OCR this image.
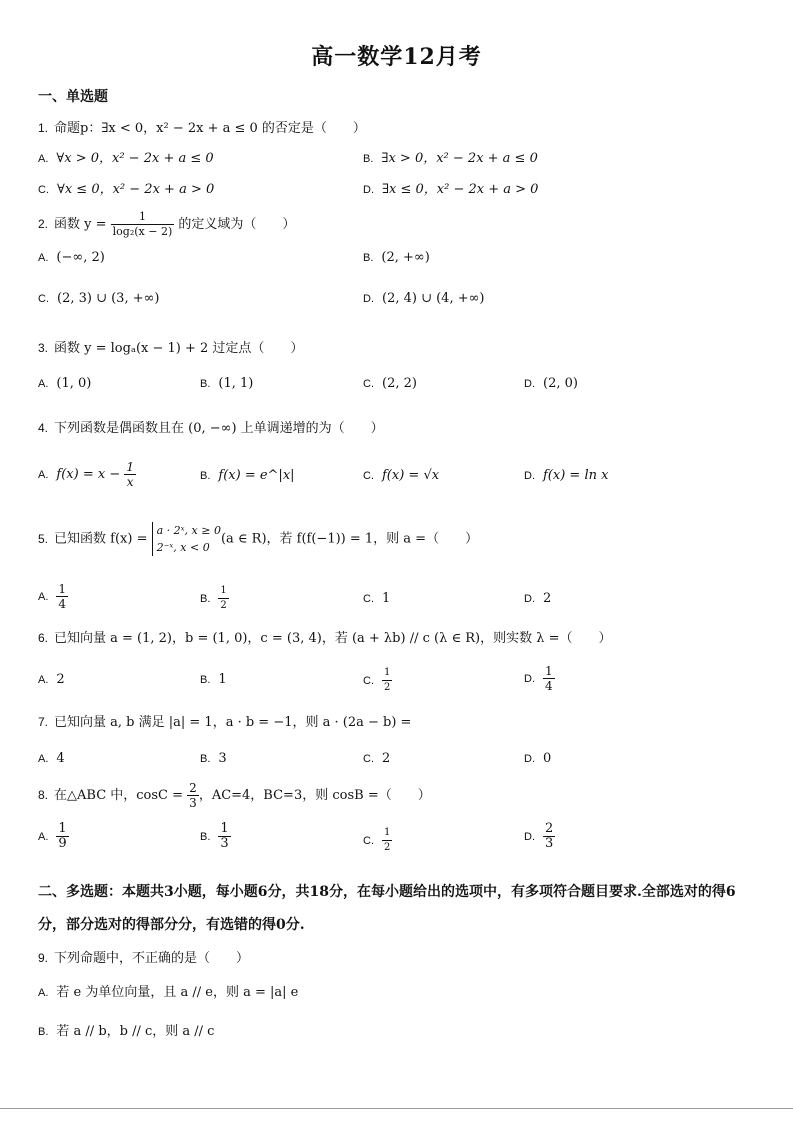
高一数学12月考
一、单选题
1. 命题p：∃x < 0，x² − 2x + a ≤ 0 的否定是（　　）
A. ∀x > 0，x² − 2x + a ≤ 0	B. ∃x > 0，x² − 2x + a ≤ 0
C. ∀x ≤ 0，x² − 2x + a > 0	D. ∃x ≤ 0，x² − 2x + a > 0
2. 函数 $y = \frac{1}{\text{log₂(x − 2)}}$ 的定义域为（　　）
A. (−∞, 2)	B. (2, +∞)
C. (2, 3) ∪ (3, +∞)	D. (2, 4) ∪ (4, +∞)
3. 函数 y = logₐ(x − 1) + 2 过定点（　　）
A. (1, 0)	B. (1, 1)	C. (2, 2)	D. (2, 0)
4. 下列函数是偶函数且在 (0, −∞) 上单调递增的为（　　）
A. $f(x) = x - \frac{1}{x}$	B. f(x) = e^|x|	C. f(x) = √x	D. f(x) = ln x
5. 已知函数 f(x) =
a · 2ˣ, x ≥ 0
2⁻ˣ, x < 0
(a ∈ R)，若 f(f(−1)) = 1，则 a =（　　）
A. $\frac{1}{4}$	B. $\frac{1}{2}$	C. 1	D. 2
6. 已知向量 a = (1, 2)，b = (1, 0)，c = (3, 4)，若 (a + λb) // c (λ ∈ R)，则实数 λ =（　　）
A. 2	B. 1	C. $\frac{1}{2}$	D. $\frac{1}{4}$
7. 已知向量 a, b 满足 |a| = 1，a · b = −1，则 a · (2a − b) =
A. 4	B. 3	C. 2	D. 0
8. 在△ABC 中，$\cos C = \frac{2}{3}$ ，AC=4，BC=3，则 cosB =（　　）
A. $\frac{1}{9}$	B. $\frac{1}{3}$	C. $\frac{1}{2}$	D. $\frac{2}{3}$
二、多选题：本题共3小题，每小题6分，共18分，在每小题给出的选项中，有多项符合题目要求.全部选对的得6分，部分选对的得部分分，有选错的得0分.
9. 下列命题中，不正确的是（　　）
A. 若 e 为单位向量，且 a // e，则 a = |a| e
B. 若 a // b，b // c，则 a // c
